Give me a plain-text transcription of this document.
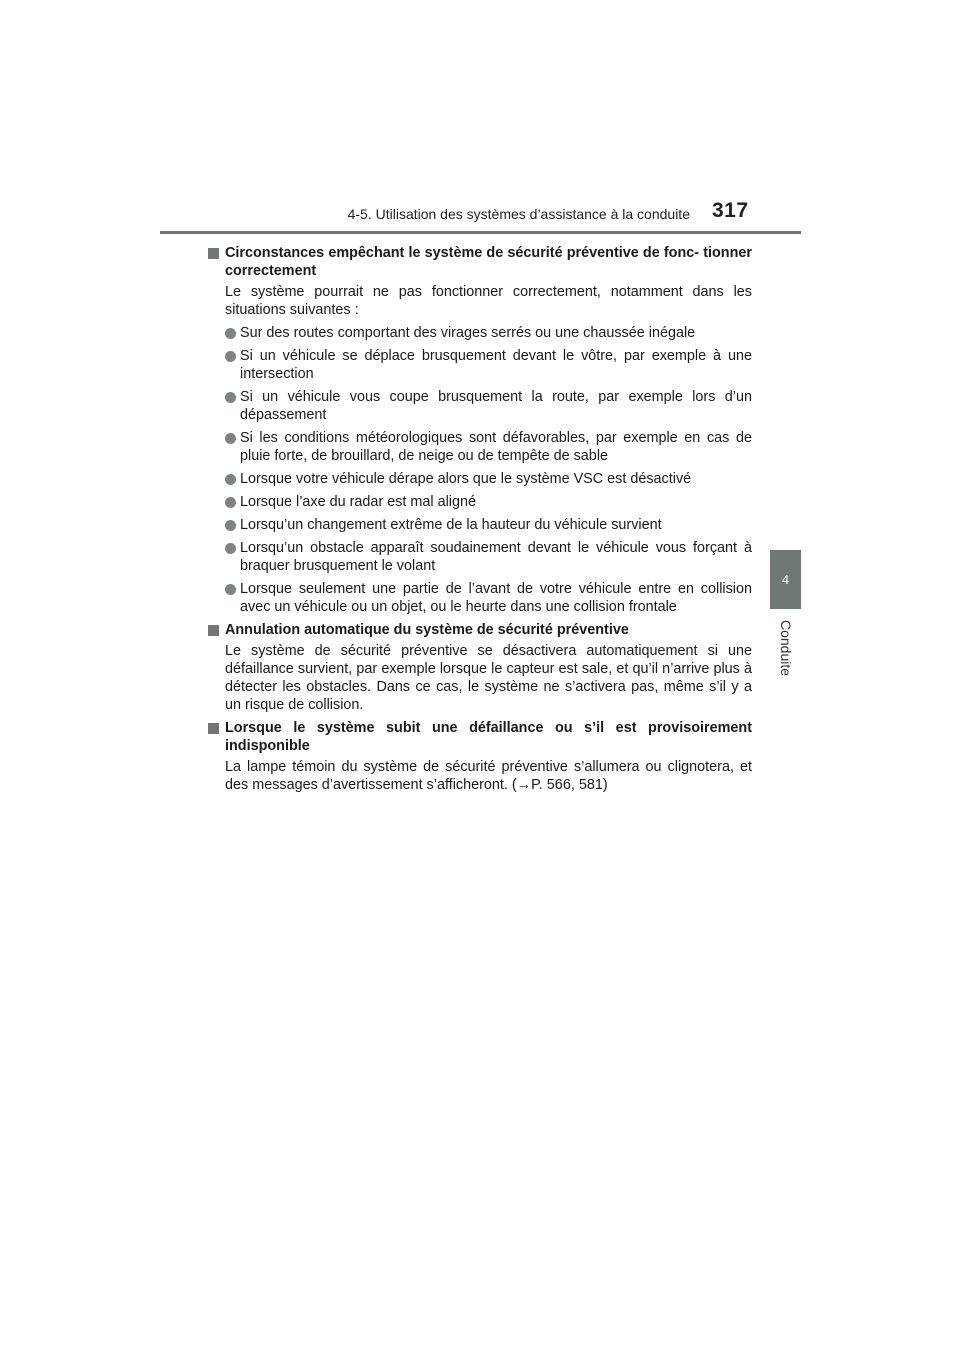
4-5. Utilisation des systèmes d’assistance à la conduite 317
4
Conduite
Circonstances empêchant le système de sécurité préventive de fonc- tionner correctement
Le système pourrait ne pas fonctionner correctement, notamment dans les situations suivantes :
Sur des routes comportant des virages serrés ou une chaussée inégale
Si un véhicule se déplace brusquement devant le vôtre, par exemple à une intersection
Si un véhicule vous coupe brusquement la route, par exemple lors d’un dépassement
Si les conditions météorologiques sont défavorables, par exemple en cas de pluie forte, de brouillard, de neige ou de tempête de sable
Lorsque votre véhicule dérape alors que le système VSC est désactivé
Lorsque l’axe du radar est mal aligné
Lorsqu’un changement extrême de la hauteur du véhicule survient
Lorsqu’un obstacle apparaît soudainement devant le véhicule vous forçant à braquer brusquement le volant
Lorsque seulement une partie de l’avant de votre véhicule entre en collision avec un véhicule ou un objet, ou le heurte dans une collision frontale
Annulation automatique du système de sécurité préventive
Le système de sécurité préventive se désactivera automatiquement si une défaillance survient, par exemple lorsque le capteur est sale, et qu’il n’arrive plus à détecter les obstacles. Dans ce cas, le système ne s’activera pas, même s’il y a un risque de collision.
Lorsque le système subit une défaillance ou s’il est provisoirement indisponible
La lampe témoin du système de sécurité préventive s’allumera ou clignotera, et des messages d’avertissement s’afficheront. (→P. 566, 581)
